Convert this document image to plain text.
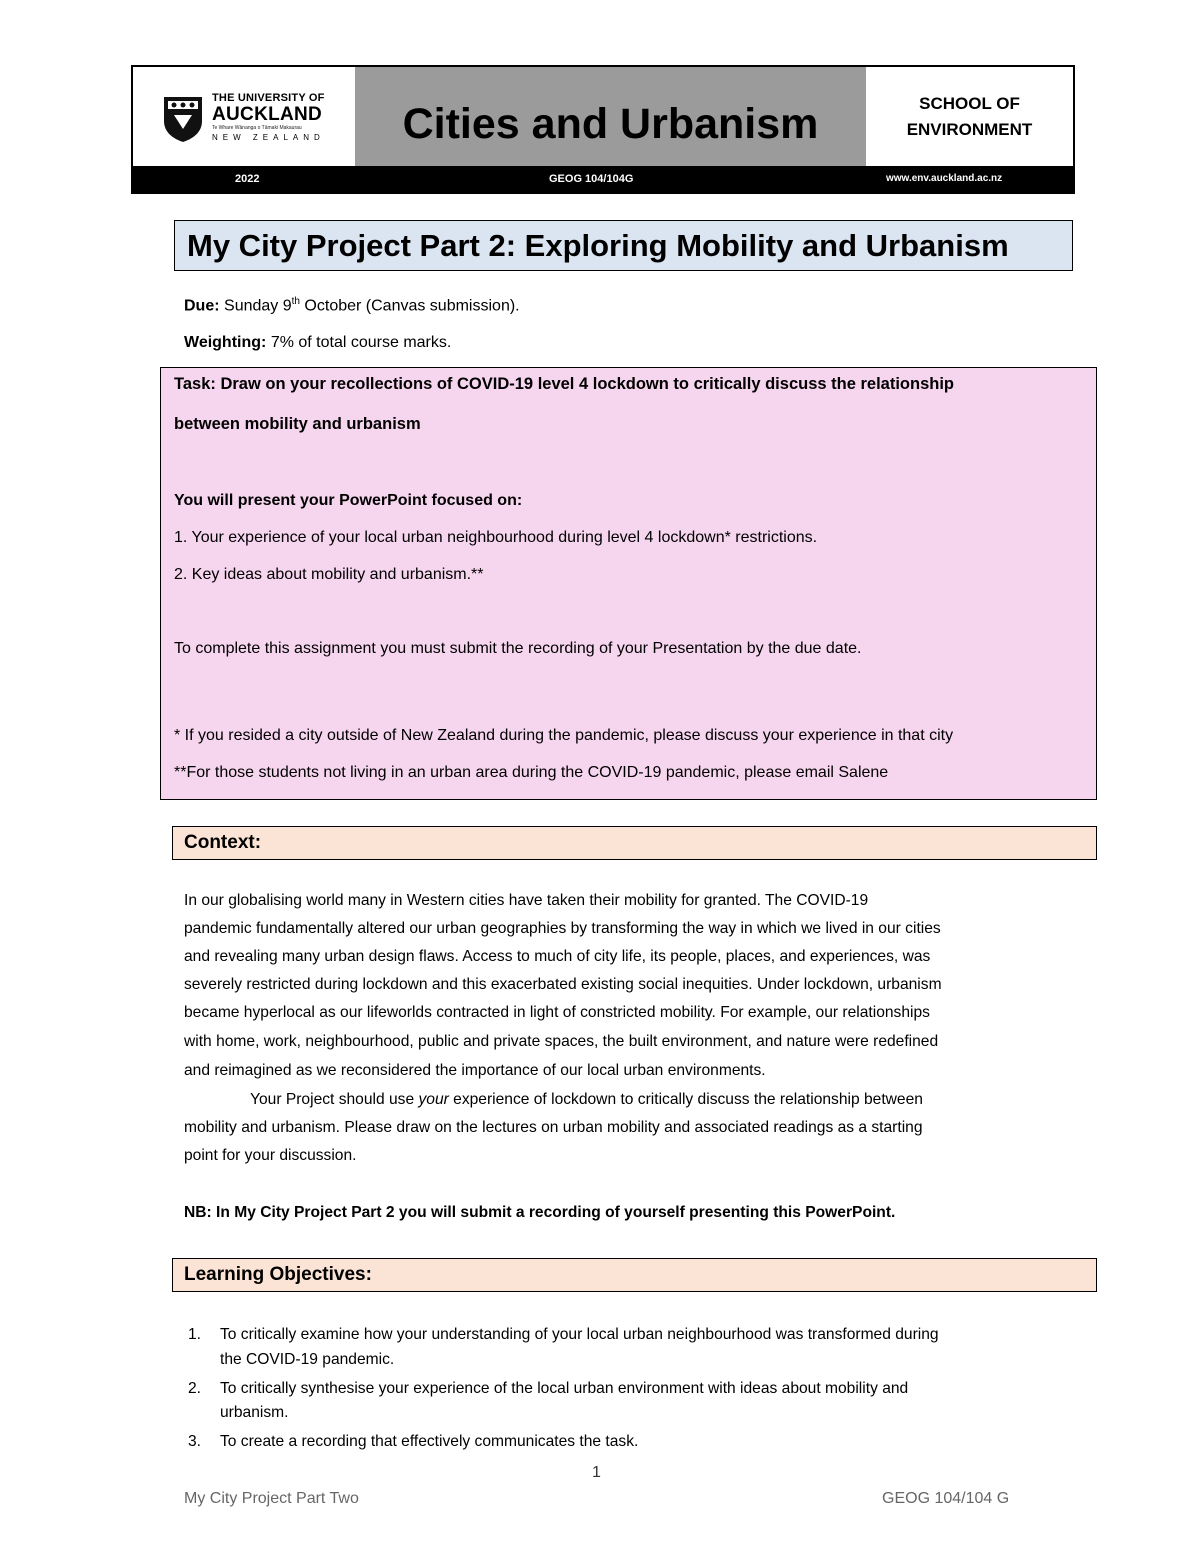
THE UNIVERSITY OF
AUCKLAND
Te Whare Wānanga o Tāmaki Makaurau
NEW ZEALAND Cities and Urbanism	SCHOOL OF
ENVIRONMENT
2022	GEOG 104/104G	www.env.auckland.ac.nz
My City Project Part 2: Exploring Mobility and Urbanism
Due: Sunday 9th October (Canvas submission).
Weighting: 7% of total course marks.
Task: Draw on your recollections of COVID-19 level 4 lockdown to critically discuss the relationship
between mobility and urbanism
You will present your PowerPoint focused on:
1. Your experience of your local urban neighbourhood during level 4 lockdown* restrictions.
2. Key ideas about mobility and urbanism.**
To complete this assignment you must submit the recording of your Presentation by the due date.
* If you resided a city outside of New Zealand during the pandemic, please discuss your experience in that city
**For those students not living in an urban area during the COVID-19 pandemic, please email Salene
Context:
In our globalising world many in Western cities have taken their mobility for granted. The COVID-19
pandemic fundamentally altered our urban geographies by transforming the way in which we lived in our cities
and revealing many urban design flaws. Access to much of city life, its people, places, and experiences, was
severely restricted during lockdown and this exacerbated existing social inequities. Under lockdown, urbanism
became hyperlocal as our lifeworlds contracted in light of constricted mobility. For example, our relationships
with home, work, neighbourhood, public and private spaces, the built environment, and nature were redefined
and reimagined as we reconsidered the importance of our local urban environments.
Your Project should use your experience of lockdown to critically discuss the relationship between
mobility and urbanism. Please draw on the lectures on urban mobility and associated readings as a starting
point for your discussion.
NB: In My City Project Part 2 you will submit a recording of yourself presenting this PowerPoint.
Learning Objectives:
1. To critically examine how your understanding of your local urban neighbourhood was transformed during
the COVID-19 pandemic.
2. To critically synthesise your experience of the local urban environment with ideas about mobility and
urbanism.
3. To create a recording that effectively communicates the task.
1
My City Project Part Two	GEOG 104/104 G
